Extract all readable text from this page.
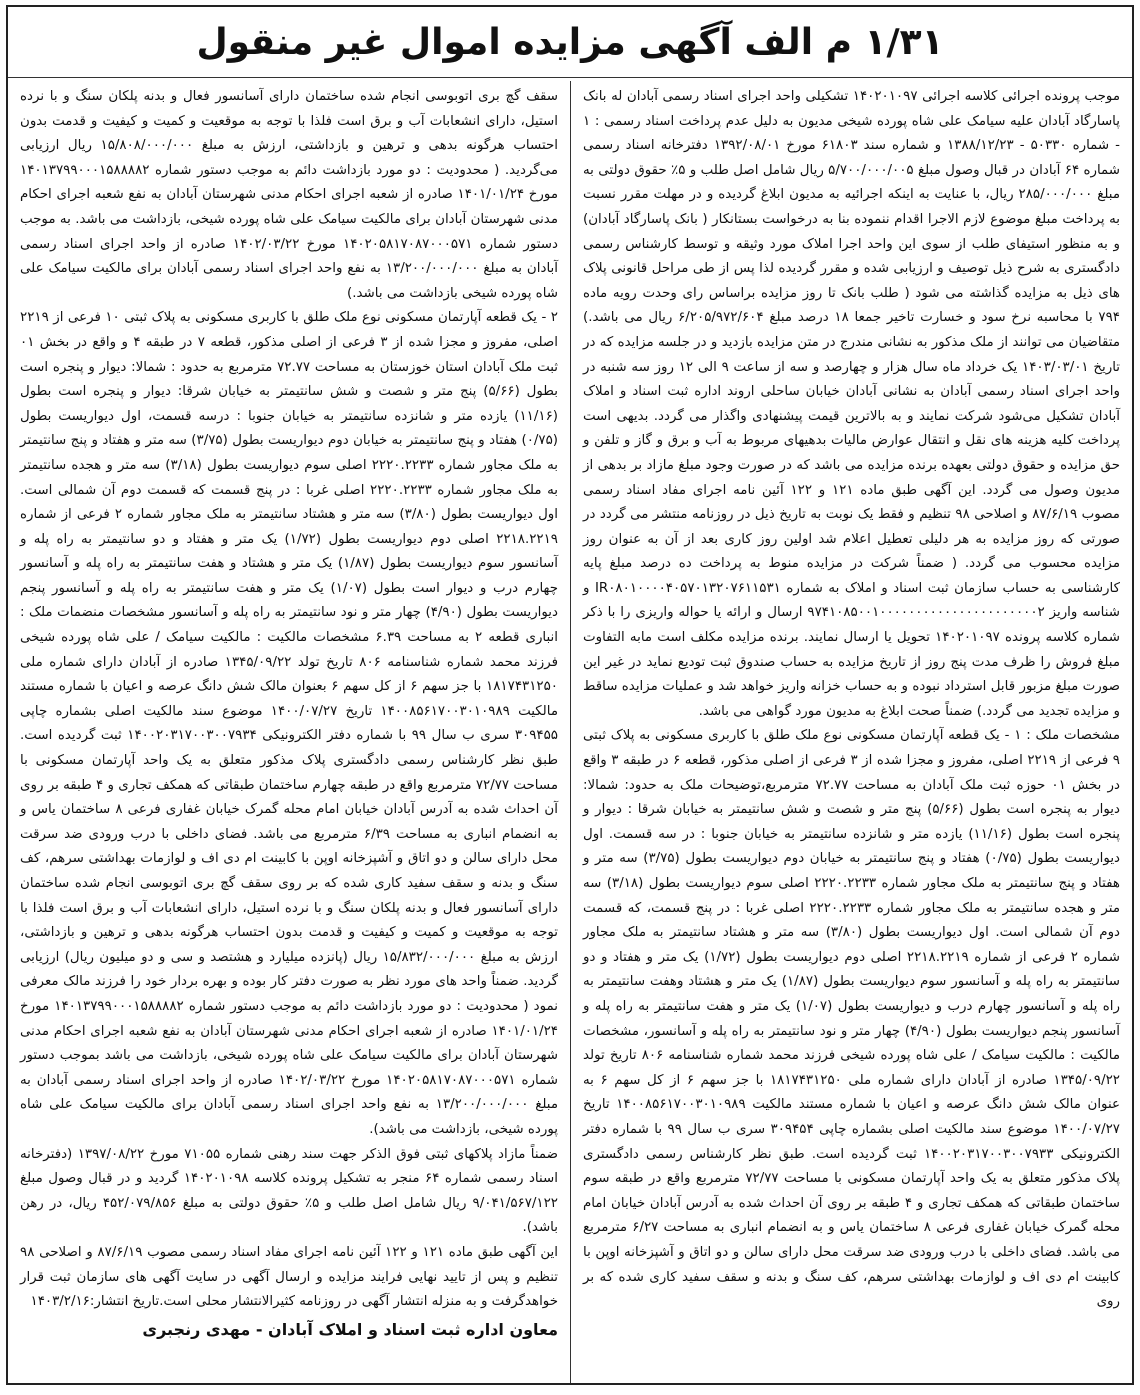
۱/۳۱ م الف آگهی مزایده اموال غیر منقول

موجب پرونده اجرائی کلاسه اجرائی ۱۴۰۲۰۱۰۹۷ تشکیلی واحد اجرای اسناد رسمی آبادان له بانک پاسارگاد آبادان علیه سیامک علی شاه پورده شیخی مدیون به دلیل عدم پرداخت اسناد رسمی : ۱ - شماره ۵۰۳۳۰ - ۱۳۸۸/۱۲/۲۳ و شماره سند ۶۱۸۰۳ مورخ ۱۳۹۲/۰۸/۰۱ دفترخانه اسناد رسمی شماره ۶۴ آبادان در قبال وصول مبلغ ۵/۷۰۰/۰۰۰/۰۰۵ ریال شامل اصل طلب و ۵٪ حقوق دولتی به مبلغ ۲۸۵/۰۰۰/۰۰۰ ریال، با عنایت به اینکه اجرائیه به مدیون ابلاغ گردیده و در مهلت مقرر نسبت به پرداخت مبلغ موضوع لازم الاجرا اقدام ننموده بنا به درخواست بستانکار ( بانک پاسارگاد آبادان) و به منظور استیفای طلب از سوی این واحد اجرا املاک مورد وثیقه و توسط کارشناس رسمی دادگستری به شرح ذیل توصیف و ارزیابی شده و مقرر گردیده لذا پس از طی مراحل قانونی پلاک های ذیل به مزایده گذاشته می شود ( طلب بانک تا روز مزایده براساس رای وحدت رویه ماده ۷۹۴ با محاسبه نرخ سود و خسارت تاخیر جمعا ۱۸ درصد مبلغ ۶/۲۰۵/۹۷۲/۶۰۴ ریال می باشد.) متقاضیان می توانند از ملک مذکور به نشانی مندرج در متن مزایده بازدید و در جلسه مزایده که در تاریخ ۱۴۰۳/۰۳/۰۱ یک خرداد ماه سال هزار و چهارصد و سه از ساعت ۹ الی ۱۲ روز سه شنبه در واحد اجرای اسناد رسمی آبادان به نشانی آبادان خیابان ساحلی اروند اداره ثبت اسناد و املاک آبادان تشکیل می‌شود شرکت نمایند و به بالاترین قیمت پیشنهادی واگذار می گردد. بدیهی است پرداخت کلیه هزینه های نقل و انتقال عوارض مالیات بدهیهای مربوط به آب و برق و گاز و تلفن و حق مزایده و حقوق دولتی بعهده برنده مزایده می باشد که در صورت وجود مبلغ مازاد بر بدهی از مدیون وصول می گردد. این آگهی طبق ماده ۱۲۱ و ۱۲۲ آئین نامه اجرای مفاد اسناد رسمی مصوب ۸۷/۶/۱۹ و اصلاحی ۹۸ تنظیم و فقط یک نوبت به تاریخ ذیل در روزنامه منتشر می گردد در صورتی که روز مزایده به هر دلیلی تعطیل اعلام شد اولین روز کاری بعد از آن به عنوان روز مزایده محسوب می گردد. ( ضمناً شرکت در مزایده منوط به پرداخت ده درصد مبلغ پایه کارشناسی به حساب سازمان ثبت اسناد و املاک به شماره IR۰۸۰۱۰۰۰۰۴۰۵۷۰۱۳۲۰۷۶۱۱۵۳۱ و شناسه واریز ۹۷۴۱۰۸۵۰۰۱۰۰۰۰۰۰۰۰۰۰۰۰۰۰۰۰۰۰۰۰۰۰۲ ارسال و ارائه یا حواله واریزی را با ذکر شماره کلاسه پرونده ۱۴۰۲۰۱۰۹۷ تحویل یا ارسال نمایند. برنده مزایده مکلف است مابه التفاوت مبلغ فروش را ظرف مدت پنج روز از تاریخ مزایده به حساب صندوق ثبت تودیع نماید در غیر این صورت مبلغ مزبور قابل استرداد نبوده و به حساب خزانه واریز خواهد شد و عملیات مزایده ساقط و مزایده تجدید می گردد.) ضمناً صحت ابلاغ به مدیون مورد گواهی می باشد.

مشخصات ملک : ۱ - یک قطعه آپارتمان مسکونی نوع ملک طلق با کاربری مسکونی به پلاک ثبتی ۹ فرعی از ۲۲۱۹ اصلی، مفروز و مجزا شده از ۳ فرعی از اصلی مذکور، قطعه ۶ در طبقه ۳ واقع در بخش ۰۱ حوزه ثبت ملک آبادان به مساحت ۷۲.۷۷ مترمربع،توضیحات ملک به حدود: شمالا: دیوار به پنجره است بطول (۵/۶۶) پنج متر و شصت و شش سانتیمتر به خیابان شرقا : دیوار و پنجره است بطول (۱۱/۱۶) یازده متر و شانزده سانتیمتر به خیابان جنوبا : در سه قسمت. اول دیواریست بطول (۰/۷۵) هفتاد و پنج سانتیمتر به خیابان دوم دیواریست بطول (۳/۷۵) سه متر و هفتاد و پنج سانتیمتر به ملک مجاور شماره ۲۲۲۰.۲۲۳۳ اصلی سوم دیواریست بطول (۳/۱۸) سه متر و هجده سانتیمتر به ملک مجاور شماره ۲۲۲۰.۲۲۳۳ اصلی غربا : در پنج قسمت، که قسمت دوم آن شمالی است. اول دیواریست بطول (۳/۸۰) سه متر و هشتاد سانتیمتر به ملک مجاور شماره ۲ فرعی از شماره ۲۲۱۸.۲۲۱۹ اصلی دوم دیواریست بطول (۱/۷۲) یک متر و هفتاد و دو سانتیمتر به راه پله و آسانسور سوم دیواریست بطول (۱/۸۷) یک متر و هشتاد وهفت سانتیمتر به راه پله و آسانسور چهارم درب و دیواریست بطول (۱/۰۷) یک متر و هفت سانتیمتر به راه پله و آسانسور پنجم دیواریست بطول (۴/۹۰) چهار متر و نود سانتیمتر به راه پله و آسانسور، مشخصات مالکیت : مالکیت سیامک / علی شاه پورده شیخی فرزند محمد شماره شناسنامه ۸۰۶ تاریخ تولد ۱۳۴۵/۰۹/۲۲ صادره از آبادان دارای شماره ملی ۱۸۱۷۴۳۱۲۵۰ با جز سهم ۶ از کل سهم ۶ به عنوان مالک شش دانگ عرصه و اعیان با شماره مستند مالکیت ۱۴۰۰۸۵۶۱۷۰۰۳۰۱۰۹۸۹ تاریخ ۱۴۰۰/۰۷/۲۷ موضوع سند مالکیت اصلی بشماره چاپی ۳۰۹۴۵۴ سری ب سال ۹۹ با شماره دفتر الکترونیکی ۱۴۰۰۲۰۳۱۷۰۰۳۰۰۷۹۳۳ ثبت گردیده است. طبق نظر کارشناس رسمی دادگستری پلاک مذکور متعلق به یک واحد آپارتمان مسکونی با مساحت ۷۲/۷۷ مترمربع واقع در طبقه سوم ساختمان طبقاتی که همکف تجاری و ۴ طبقه بر روی آن احداث شده به آدرس آبادان خیابان امام محله گمرک خیابان غفاری فرعی ۸ ساختمان یاس و به انضمام انباری به مساحت ۶/۲۷ مترمربع می باشد. فضای داخلی با درب ورودی ضد سرقت محل دارای سالن و دو اتاق و آشپزخانه اوپن با کابینت ام دی اف و لوازمات بهداشتی سرهم، کف سنگ و بدنه و سقف سفید کاری شده که بر روی

سقف گچ بری اتوبوسی انجام شده ساختمان دارای آسانسور فعال و بدنه پلکان سنگ و با نرده استیل، دارای انشعابات آب و برق است فلذا با توجه به موقعیت و کمیت و کیفیت و قدمت بدون احتساب هرگونه بدهی و ترهین و بازداشتی، ارزش به مبلغ ۱۵/۸۰۸/۰۰۰/۰۰۰ ریال ارزیابی می‌گردید. ( محدودیت : دو مورد بازداشت دائم به موجب دستور شماره ۱۴۰۱۳۷۹۹۰۰۰۱۵۸۸۸۸۲ مورخ ۱۴۰۱/۰۱/۲۴ صادره از شعبه اجرای احکام مدنی شهرستان آبادان به نفع شعبه اجرای احکام مدنی شهرستان آبادان برای مالکیت سیامک علی شاه پورده شیخی، بازداشت می باشد. به موجب دستور شماره ۱۴۰۲۰۵۸۱۷۰۸۷۰۰۰۵۷۱ مورخ ۱۴۰۲/۰۳/۲۲ صادره از واحد اجرای اسناد رسمی آبادان به مبلغ ۱۳/۲۰۰/۰۰۰/۰۰۰ به نفع واحد اجرای اسناد رسمی آبادان برای مالکیت سیامک علی شاه پورده شیخی بازداشت می باشد.)

۲ - یک قطعه آپارتمان مسکونی نوع ملک طلق با کاربری مسکونی به پلاک ثبتی ۱۰ فرعی از ۲۲۱۹ اصلی، مفروز و مجزا شده از ۳ فرعی از اصلی مذکور، قطعه ۷ در طبقه ۴ و واقع در بخش ۰۱ ثبت ملک آبادان استان خوزستان به مساحت ۷۲.۷۷ مترمربع به حدود : شمالا: دیوار و پنجره است بطول (۵/۶۶) پنج متر و شصت و شش سانتیمتر به خیابان شرقا: دیوار و پنجره است بطول (۱۱/۱۶) یازده متر و شانزده سانتیمتر به خیابان جنوبا : درسه قسمت، اول دیواریست بطول (۰/۷۵) هفتاد و پنج سانتیمتر به خیابان دوم دیواریست بطول (۳/۷۵) سه متر و هفتاد و پنج سانتیمتر به ملک مجاور شماره ۲۲۲۰.۲۲۳۳ اصلی سوم دیواریست بطول (۳/۱۸) سه متر و هجده سانتیمتر به ملک مجاور شماره ۲۲۲۰.۲۲۳۳ اصلی غربا : در پنج قسمت که قسمت دوم آن شمالی است. اول دیواریست بطول (۳/۸۰) سه متر و هشتاد سانتیمتر به ملک مجاور شماره ۲ فرعی از شماره ۲۲۱۸.۲۲۱۹ اصلی دوم دیواریست بطول (۱/۷۲) یک متر و هفتاد و دو سانتیمتر به راه پله و آسانسور سوم دیواریست بطول (۱/۸۷) یک متر و هشتاد و هفت سانتیمتر به راه پله و آسانسور چهارم درب و دیوار است بطول (۱/۰۷) یک متر و هفت سانتیمتر به راه پله و آسانسور پنجم دیواریست بطول (۴/۹۰) چهار متر و نود سانتیمتر به راه پله و آسانسور مشخصات منضمات ملک : انباری قطعه ۲ به مساحت ۶.۳۹ مشخصات مالکیت : مالکیت سیامک / علی شاه پورده شیخی فرزند محمد شماره شناسنامه ۸۰۶ تاریخ تولد ۱۳۴۵/۰۹/۲۲ صادره از آبادان دارای شماره ملی ۱۸۱۷۴۳۱۲۵۰ با جز سهم ۶ از کل سهم ۶ بعنوان مالک شش دانگ عرصه و اعیان با شماره مستند مالکیت ۱۴۰۰۸۵۶۱۷۰۰۳۰۱۰۹۸۹ تاریخ ۱۴۰۰/۰۷/۲۷ موضوع سند مالکیت اصلی بشماره چاپی ۳۰۹۴۵۵ سری ب سال ۹۹ با شماره دفتر الکترونیکی ۱۴۰۰۲۰۳۱۷۰۰۳۰۰۷۹۳۴ ثبت گردیده است. طبق نظر کارشناس رسمی دادگستری پلاک مذکور متعلق به یک واحد آپارتمان مسکونی با مساحت ۷۲/۷۷ مترمربع واقع در طبقه چهارم ساختمان طبقاتی که همکف تجاری و ۴ طبقه بر روی آن احداث شده به آدرس آبادان خیابان امام محله گمرک خیابان غفاری فرعی ۸ ساختمان یاس و به انضمام انباری به مساحت ۶/۳۹ مترمربع می باشد. فضای داخلی با درب ورودی ضد سرقت محل دارای سالن و دو اتاق و آشپزخانه اوپن با کابینت ام دی اف و لوازمات بهداشتی سرهم، کف سنگ و بدنه و سقف سفید کاری شده که بر روی سقف گچ بری اتوبوسی انجام شده ساختمان دارای آسانسور فعال و بدنه پلکان سنگ و با نرده استیل، دارای انشعابات آب و برق است فلذا با توجه به موقعیت و کمیت و کیفیت و قدمت بدون احتساب هرگونه بدهی و ترهین و بازداشتی، ارزش به مبلغ ۱۵/۸۳۲/۰۰۰/۰۰۰ ریال (پانزده میلیارد و هشتصد و سی و دو میلیون ریال) ارزیابی گردید. ضمناً واحد های مورد نظر به صورت دفتر کار بوده و بهره بردار خود را فرزند مالک معرفی نمود ( محدودیت : دو مورد بازداشت دائم به موجب دستور شماره ۱۴۰۱۳۷۹۹۰۰۰۱۵۸۸۸۸۲ مورخ ۱۴۰۱/۰۱/۲۴ صادره از شعبه اجرای احکام مدنی شهرستان آبادان به نفع شعبه اجرای احکام مدنی شهرستان آبادان برای مالکیت سیامک علی شاه پورده شیخی، بازداشت می باشد بموجب دستور شماره ۱۴۰۲۰۵۸۱۷۰۸۷۰۰۰۵۷۱ مورخ ۱۴۰۲/۰۳/۲۲ صادره از واحد اجرای اسناد رسمی آبادان به مبلغ ۱۳/۲۰۰/۰۰۰/۰۰۰ به نفع واحد اجرای اسناد رسمی آبادان برای مالکیت سیامک علی شاه پورده شیخی، بازداشت می باشد).

ضمناً مازاد پلاکهای ثبتی فوق الذکر جهت سند رهنی شماره ۷۱۰۵۵ مورخ ۱۳۹۷/۰۸/۲۲ (دفترخانه اسناد رسمی شماره ۶۴ منجر به تشکیل پرونده کلاسه ۱۴۰۲۰۱۰۹۸ گردید و در قبال وصول مبلغ ۹/۰۴۱/۵۶۷/۱۲۲ ریال شامل اصل طلب و ۵٪ حقوق دولتی به مبلغ ۴۵۲/۰۷۹/۸۵۶ ریال، در رهن باشد).

این آگهی طبق ماده ۱۲۱ و ۱۲۲ آئین نامه اجرای مفاد اسناد رسمی مصوب ۸۷/۶/۱۹ و اصلاحی ۹۸ تنظیم و پس از تایید نهایی فرایند مزایده و ارسال آگهی در سایت آگهی های سازمان ثبت قرار خواهدگرفت و به منزله انتشار آگهی در روزنامه کثیرالانتشار محلی است.تاریخ انتشار:۱۴۰۳/۲/۱۶

معاون اداره ثبت اسناد و املاک آبادان - مهدی رنجبری
